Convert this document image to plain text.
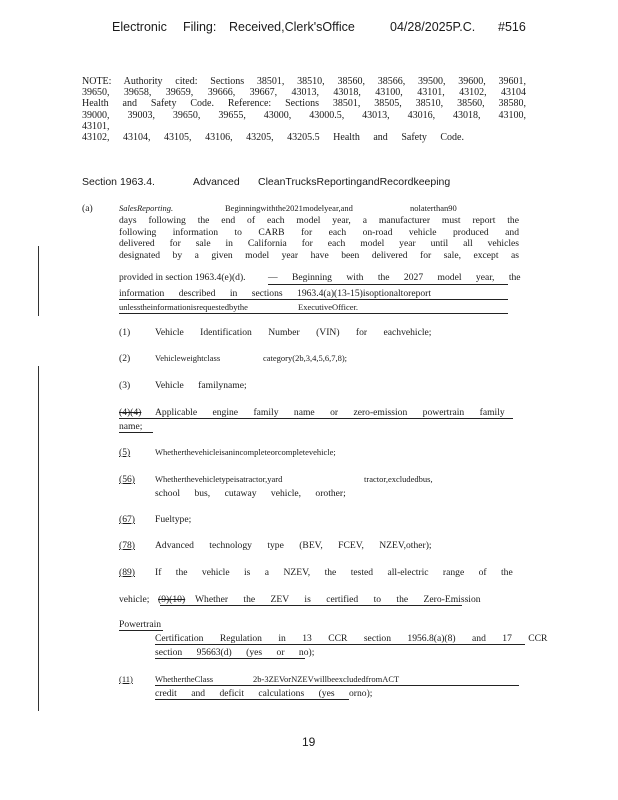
Electronic Filing: Received,Clerk'sOffice	04/28/2025P.C. #516
NOTE: Authority cited: Sections 38501, 38510, 38560, 38566, 39500, 39600, 39601,
39650, 39658, 39659, 39666, 39667, 43013, 43018, 43100, 43101, 43102, 43104
Health and Safety Code. Reference: Sections 38501, 38505, 38510, 38560, 38580,
39000, 39003, 39650, 39655, 43000, 43000.5, 43013, 43016, 43018, 43100,
43101,
43102, 43104, 43105, 43106, 43205, 43205.5 Health and Safety Code.
Section 1963.4.	Advanced CleanTrucksReportingandRecordkeeping
(a)	SalesReporting.	Beginningwiththe2021modelyear,and	nolaterthan90
days following the end of each model year, a manufacturer must report the
following information to CARB for each on-road vehicle produced and
delivered for sale in California for each model year until all vehicles
designated by a given model year have been delivered for sale, except as
provided in section 1963.4(e)(d). — Beginning with the 2027 model year, the
information described in sections 1963.4(a)(13-15)isoptionaltoreport
unlesstheinformationisrequestedbythe	ExecutiveOfficer.
(1)	Vehicle Identification Number (VIN) for eachvehicle;
(2)	Vehicleweightclass	category(2b,3,4,5,6,7,8);
(3)	Vehicle familyname;
(4)(4) Applicable engine family name or zero-emission powertrain family
name;
(5)	Whetherthevehicleisanincompleteorcompletevehicle;
(56) Whetherthevehicletypeisatractor,yard	tractor,excludedbus,
school bus, cutaway vehicle, orother;
(67) Fueltype;
(78) Advanced technology type (BEV, FCEV, NZEV,other);
(89) If the vehicle is a NZEV, the tested all-electric range of the
vehicle; (9)(10) Whether the ZEV is certified to the Zero-Emission
Powertrain
Certification Regulation in 13 CCR section 1956.8(a)(8) and 17 CCR
section 95663(d) (yes or no);
(11)	WhethertheClass	2b-3ZEVorNZEVwillbeexcludedfromACT
credit and deficit calculations (yes orno);
19
